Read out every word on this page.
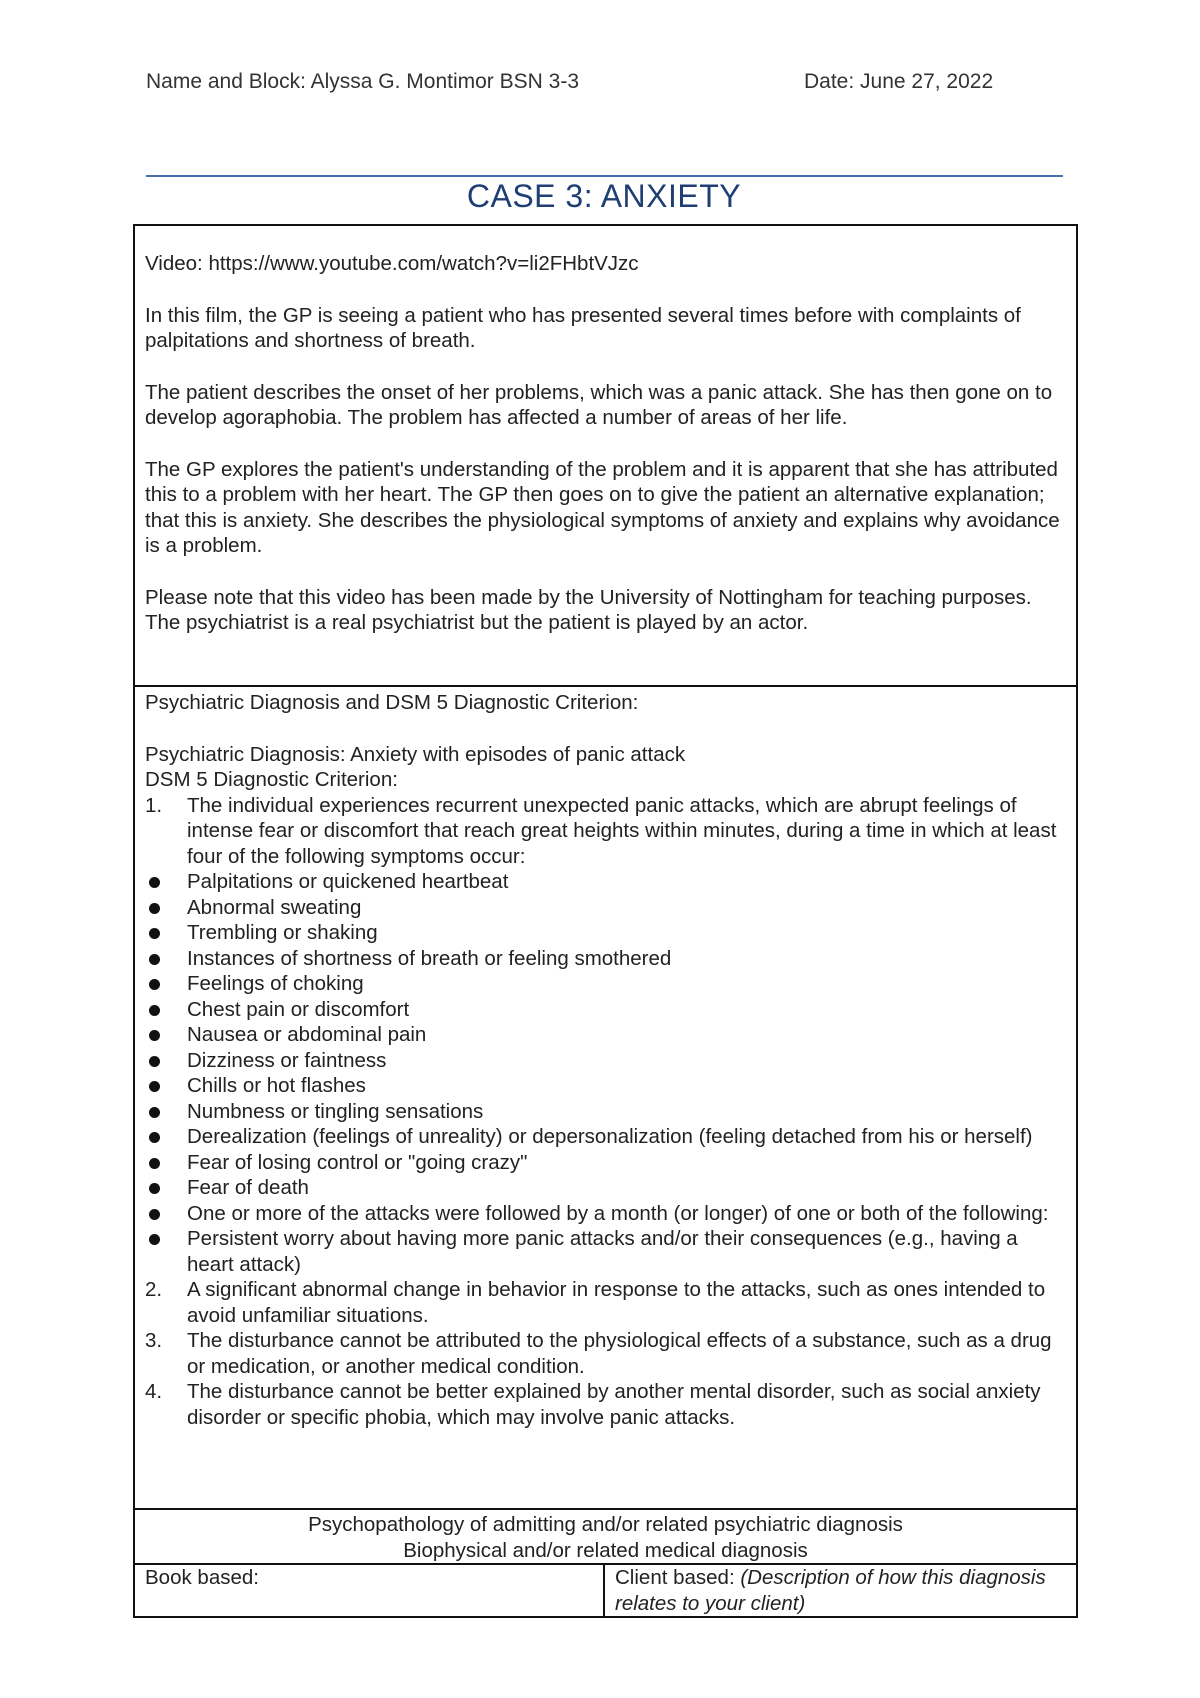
Name and Block: Alyssa G. Montimor BSN 3-3	Date: June 27, 2022
CASE 3: ANXIETY

Video: https://www.youtube.com/watch?v=li2FHbtVJzc

In this film, the GP is seeing a patient who has presented several times before with complaints of palpitations and shortness of breath.

The patient describes the onset of her problems, which was a panic attack. She has then gone on to develop agoraphobia. The problem has affected a number of areas of her life.

The GP explores the patient's understanding of the problem and it is apparent that she has attributed this to a problem with her heart. The GP then goes on to give the patient an alternative explanation; that this is anxiety. She describes the physiological symptoms of anxiety and explains why avoidance is a problem.

Please note that this video has been made by the University of Nottingham for teaching purposes. The psychiatrist is a real psychiatrist but the patient is played by an actor.

Psychiatric Diagnosis and DSM 5 Diagnostic Criterion:
Psychiatric Diagnosis: Anxiety with episodes of panic attack
DSM 5 Diagnostic Criterion:
1.	The individual experiences recurrent unexpected panic attacks, which are abrupt feelings of intense fear or discomfort that reach great heights within minutes, during a time in which at least four of the following symptoms occur:
Palpitations or quickened heartbeat
Abnormal sweating
Trembling or shaking
Instances of shortness of breath or feeling smothered
Feelings of choking
Chest pain or discomfort
Nausea or abdominal pain
Dizziness or faintness
Chills or hot flashes
Numbness or tingling sensations
Derealization (feelings of unreality) or depersonalization (feeling detached from his or herself)
Fear of losing control or "going crazy"
Fear of death
One or more of the attacks were followed by a month (or longer) of one or both of the following:
Persistent worry about having more panic attacks and/or their consequences (e.g., having a heart attack)
2.	A significant abnormal change in behavior in response to the attacks, such as ones intended to avoid unfamiliar situations.
3.	The disturbance cannot be attributed to the physiological effects of a substance, such as a drug or medication, or another medical condition.
4.	The disturbance cannot be better explained by another mental disorder, such as social anxiety disorder or specific phobia, which may involve panic attacks.

Psychopathology of admitting and/or related psychiatric diagnosis
Biophysical and/or related medical diagnosis

Book based:	Client based: (Description of how this diagnosis relates to your client)
